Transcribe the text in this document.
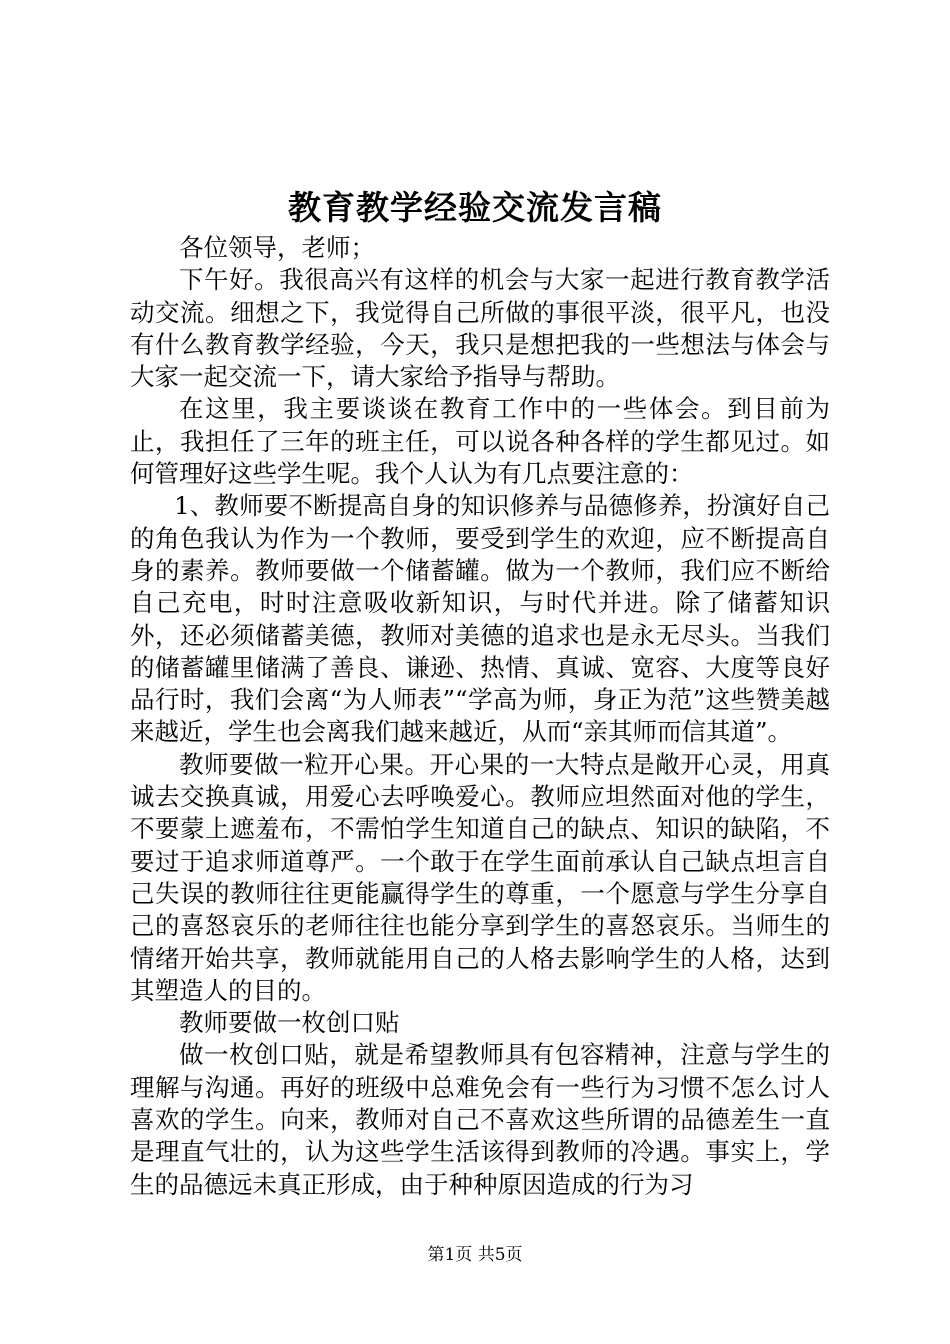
教育教学经验交流发言稿

各位领导，老师；

下午好。我很高兴有这样的机会与大家一起进行教育教学活动交流。细想之下，我觉得自己所做的事很平淡，很平凡，也没有什么教育教学经验，今天，我只是想把我的一些想法与体会与大家一起交流一下，请大家给予指导与帮助。

在这里，我主要谈谈在教育工作中的一些体会。到目前为止，我担任了三年的班主任，可以说各种各样的学生都见过。如何管理好这些学生呢。我个人认为有几点要注意的：

1、教师要不断提高自身的知识修养与品德修养，扮演好自己的角色我认为作为一个教师，要受到学生的欢迎，应不断提高自身的素养。教师要做一个储蓄罐。做为一个教师，我们应不断给自己充电，时时注意吸收新知识，与时代并进。除了储蓄知识外，还必须储蓄美德，教师对美德的追求也是永无尽头。当我们的储蓄罐里储满了善良、谦逊、热情、真诚、宽容、大度等良好品行时，我们会离“为人师表”“学高为师，身正为范”这些赞美越来越近，学生也会离我们越来越近，从而“亲其师而信其道”。

教师要做一粒开心果。开心果的一大特点是敞开心灵，用真诚去交换真诚，用爱心去呼唤爱心。教师应坦然面对他的学生，不要蒙上遮羞布，不需怕学生知道自己的缺点、知识的缺陷，不要过于追求师道尊严。一个敢于在学生面前承认自己缺点坦言自己失误的教师往往更能赢得学生的尊重，一个愿意与学生分享自己的喜怒哀乐的老师往往也能分享到学生的喜怒哀乐。当师生的情绪开始共享，教师就能用自己的人格去影响学生的人格，达到其塑造人的目的。

教师要做一枚创口贴

做一枚创口贴，就是希望教师具有包容精神，注意与学生的理解与沟通。再好的班级中总难免会有一些行为习惯不怎么讨人喜欢的学生。向来，教师对自己不喜欢这些所谓的品德差生一直是理直气壮的，认为这些学生活该得到教师的冷遇。事实上，学生的品德远未真正形成，由于种种原因造成的行为习

第1页 共5页
